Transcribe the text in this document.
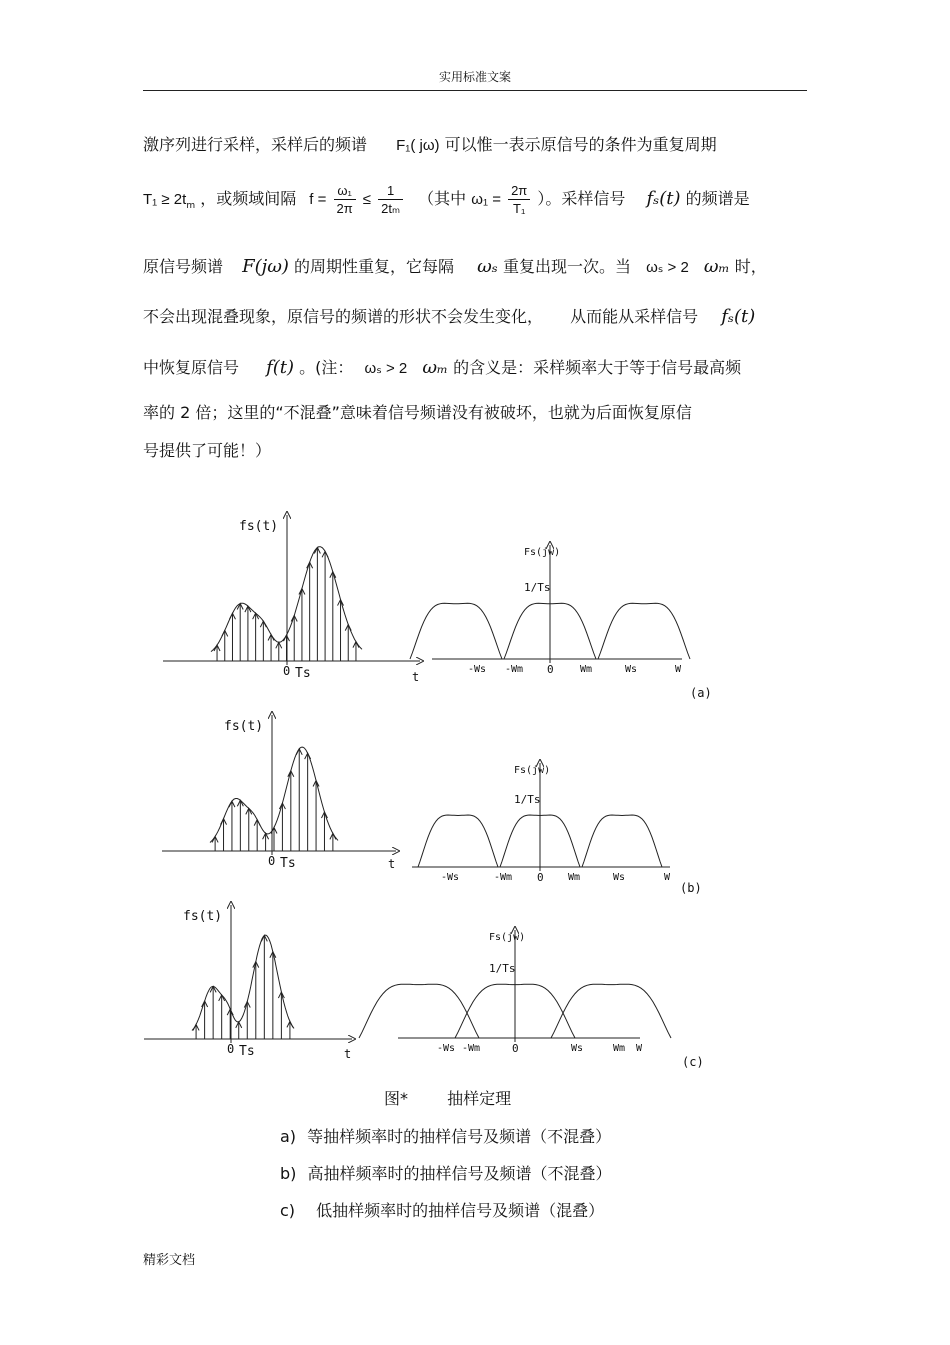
实用标准文案
激序列进行采样，采样后的频谱 F₁( jω) 可以惟一表示原信号的条件为重复周期
$T_1 \ge 2t_m$ ，或频域间隔 $f = \frac{\text{ω₁}}{2\pi} \le \frac{1}{\text{2tₘ}}$ （其中 $\omega_1 = \frac{2\pi}{\text{T₁}}$ ）。采样信号 fₛ(t) 的频谱是
原信号频谱 F(jω) 的周期性重复，它每隔 ωₛ 重复出现一次。当 ωₛ > 2 ωₘ 时，
不会出现混叠现象，原信号的频谱的形状不会发生变化， 从而能从采样信号 fₛ(t)
中恢复原信号 f(t) 。(注： ωₛ > 2 ωₘ 的含义是：采样频率大于等于信号最高频
率的 2 倍；这里的“不混叠”意味着信号频谱没有被破坏，也就为后面恢复原信
号提供了可能！）
fs(t)
0 Ts	t
Fs(jw)
1/Ts
0
-Ws -Wm	Wm	Ws	W
(a)
fs(t)
0 Ts	t
Fs(jw)
1/Ts
0
-Ws	-Wm	Wm	Ws	W
(b)
fs(t)
0 Ts	t
Fs(jw)
1/Ts
0
-Ws -Wm	Ws	Wm W
(c)
图* 抽样定理
a) 等抽样频率时的抽样信号及频谱（不混叠）
b) 高抽样频率时的抽样信号及频谱（不混叠）
c) 低抽样频率时的抽样信号及频谱（混叠）
精彩文档
